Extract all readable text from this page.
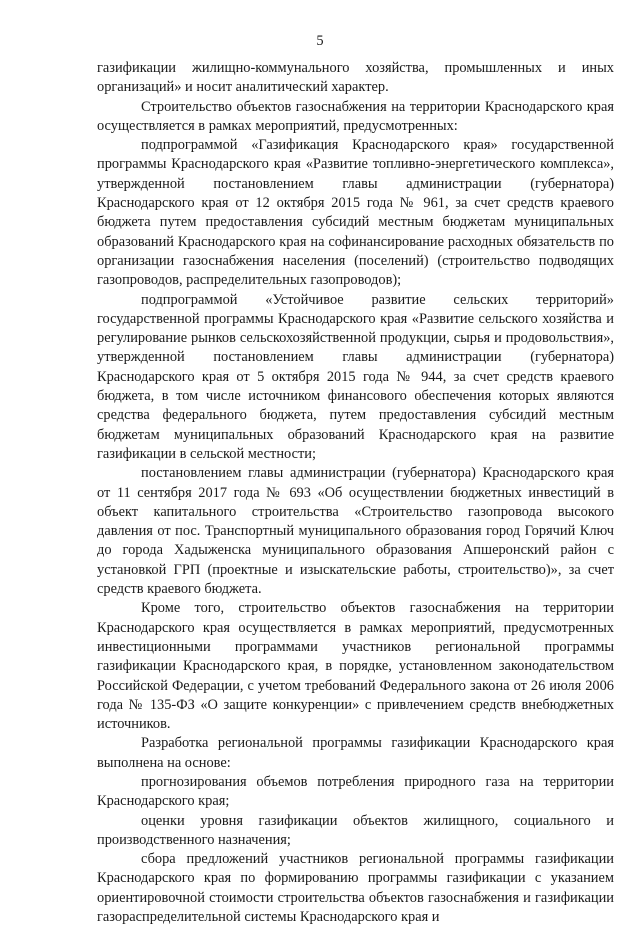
5

газификации жилищно-коммунального хозяйства, промышленных и иных организаций» и носит аналитический характер.

Строительство объектов газоснабжения на территории Краснодарского края осуществляется в рамках мероприятий, предусмотренных:

подпрограммой «Газификация Краснодарского края» государственной программы Краснодарского края «Развитие топливно-энергетического комплекса», утвержденной постановлением главы администрации (губернатора) Краснодарского края от 12 октября 2015 года № 961, за счет средств краевого бюджета путем предоставления субсидий местным бюджетам муниципальных образований Краснодарского края на софинансирование расходных обязательств по организации газоснабжения населения (поселений) (строительство подводящих газопроводов, распределительных газопроводов);

подпрограммой «Устойчивое развитие сельских территорий» государственной программы Краснодарского края «Развитие сельского хозяйства и регулирование рынков сельскохозяйственной продукции, сырья и продовольствия», утвержденной постановлением главы администрации (губернатора) Краснодарского края от 5 октября 2015 года № 944, за счет средств краевого бюджета, в том числе источником финансового обеспечения которых являются средства федерального бюджета, путем предоставления субсидий местным бюджетам муниципальных образований Краснодарского края на развитие газификации в сельской местности;

постановлением главы администрации (губернатора) Краснодарского края от 11 сентября 2017 года № 693 «Об осуществлении бюджетных инвестиций в объект капитального строительства «Строительство газопровода высокого давления от пос. Транспортный муниципального образования город Горячий Ключ до города Хадыженска муниципального образования Апшеронский район с установкой ГРП (проектные и изыскательские работы, строительство)», за счет средств краевого бюджета.

Кроме того, строительство объектов газоснабжения на территории Краснодарского края осуществляется в рамках мероприятий, предусмотренных инвестиционными программами участников региональной программы газификации Краснодарского края, в порядке, установленном законодательством Российской Федерации, с учетом требований Федерального закона от 26 июля 2006 года № 135-ФЗ «О защите конкуренции» с привлечением средств внебюджетных источников.

Разработка региональной программы газификации Краснодарского края выполнена на основе:

прогнозирования объемов потребления природного газа на территории Краснодарского края;

оценки уровня газификации объектов жилищного, социального и производственного назначения;

сбора предложений участников региональной программы газификации Краснодарского края по формированию программы газификации с указанием ориентировочной стоимости строительства объектов газоснабжения и газификации газораспределительной системы Краснодарского края и
